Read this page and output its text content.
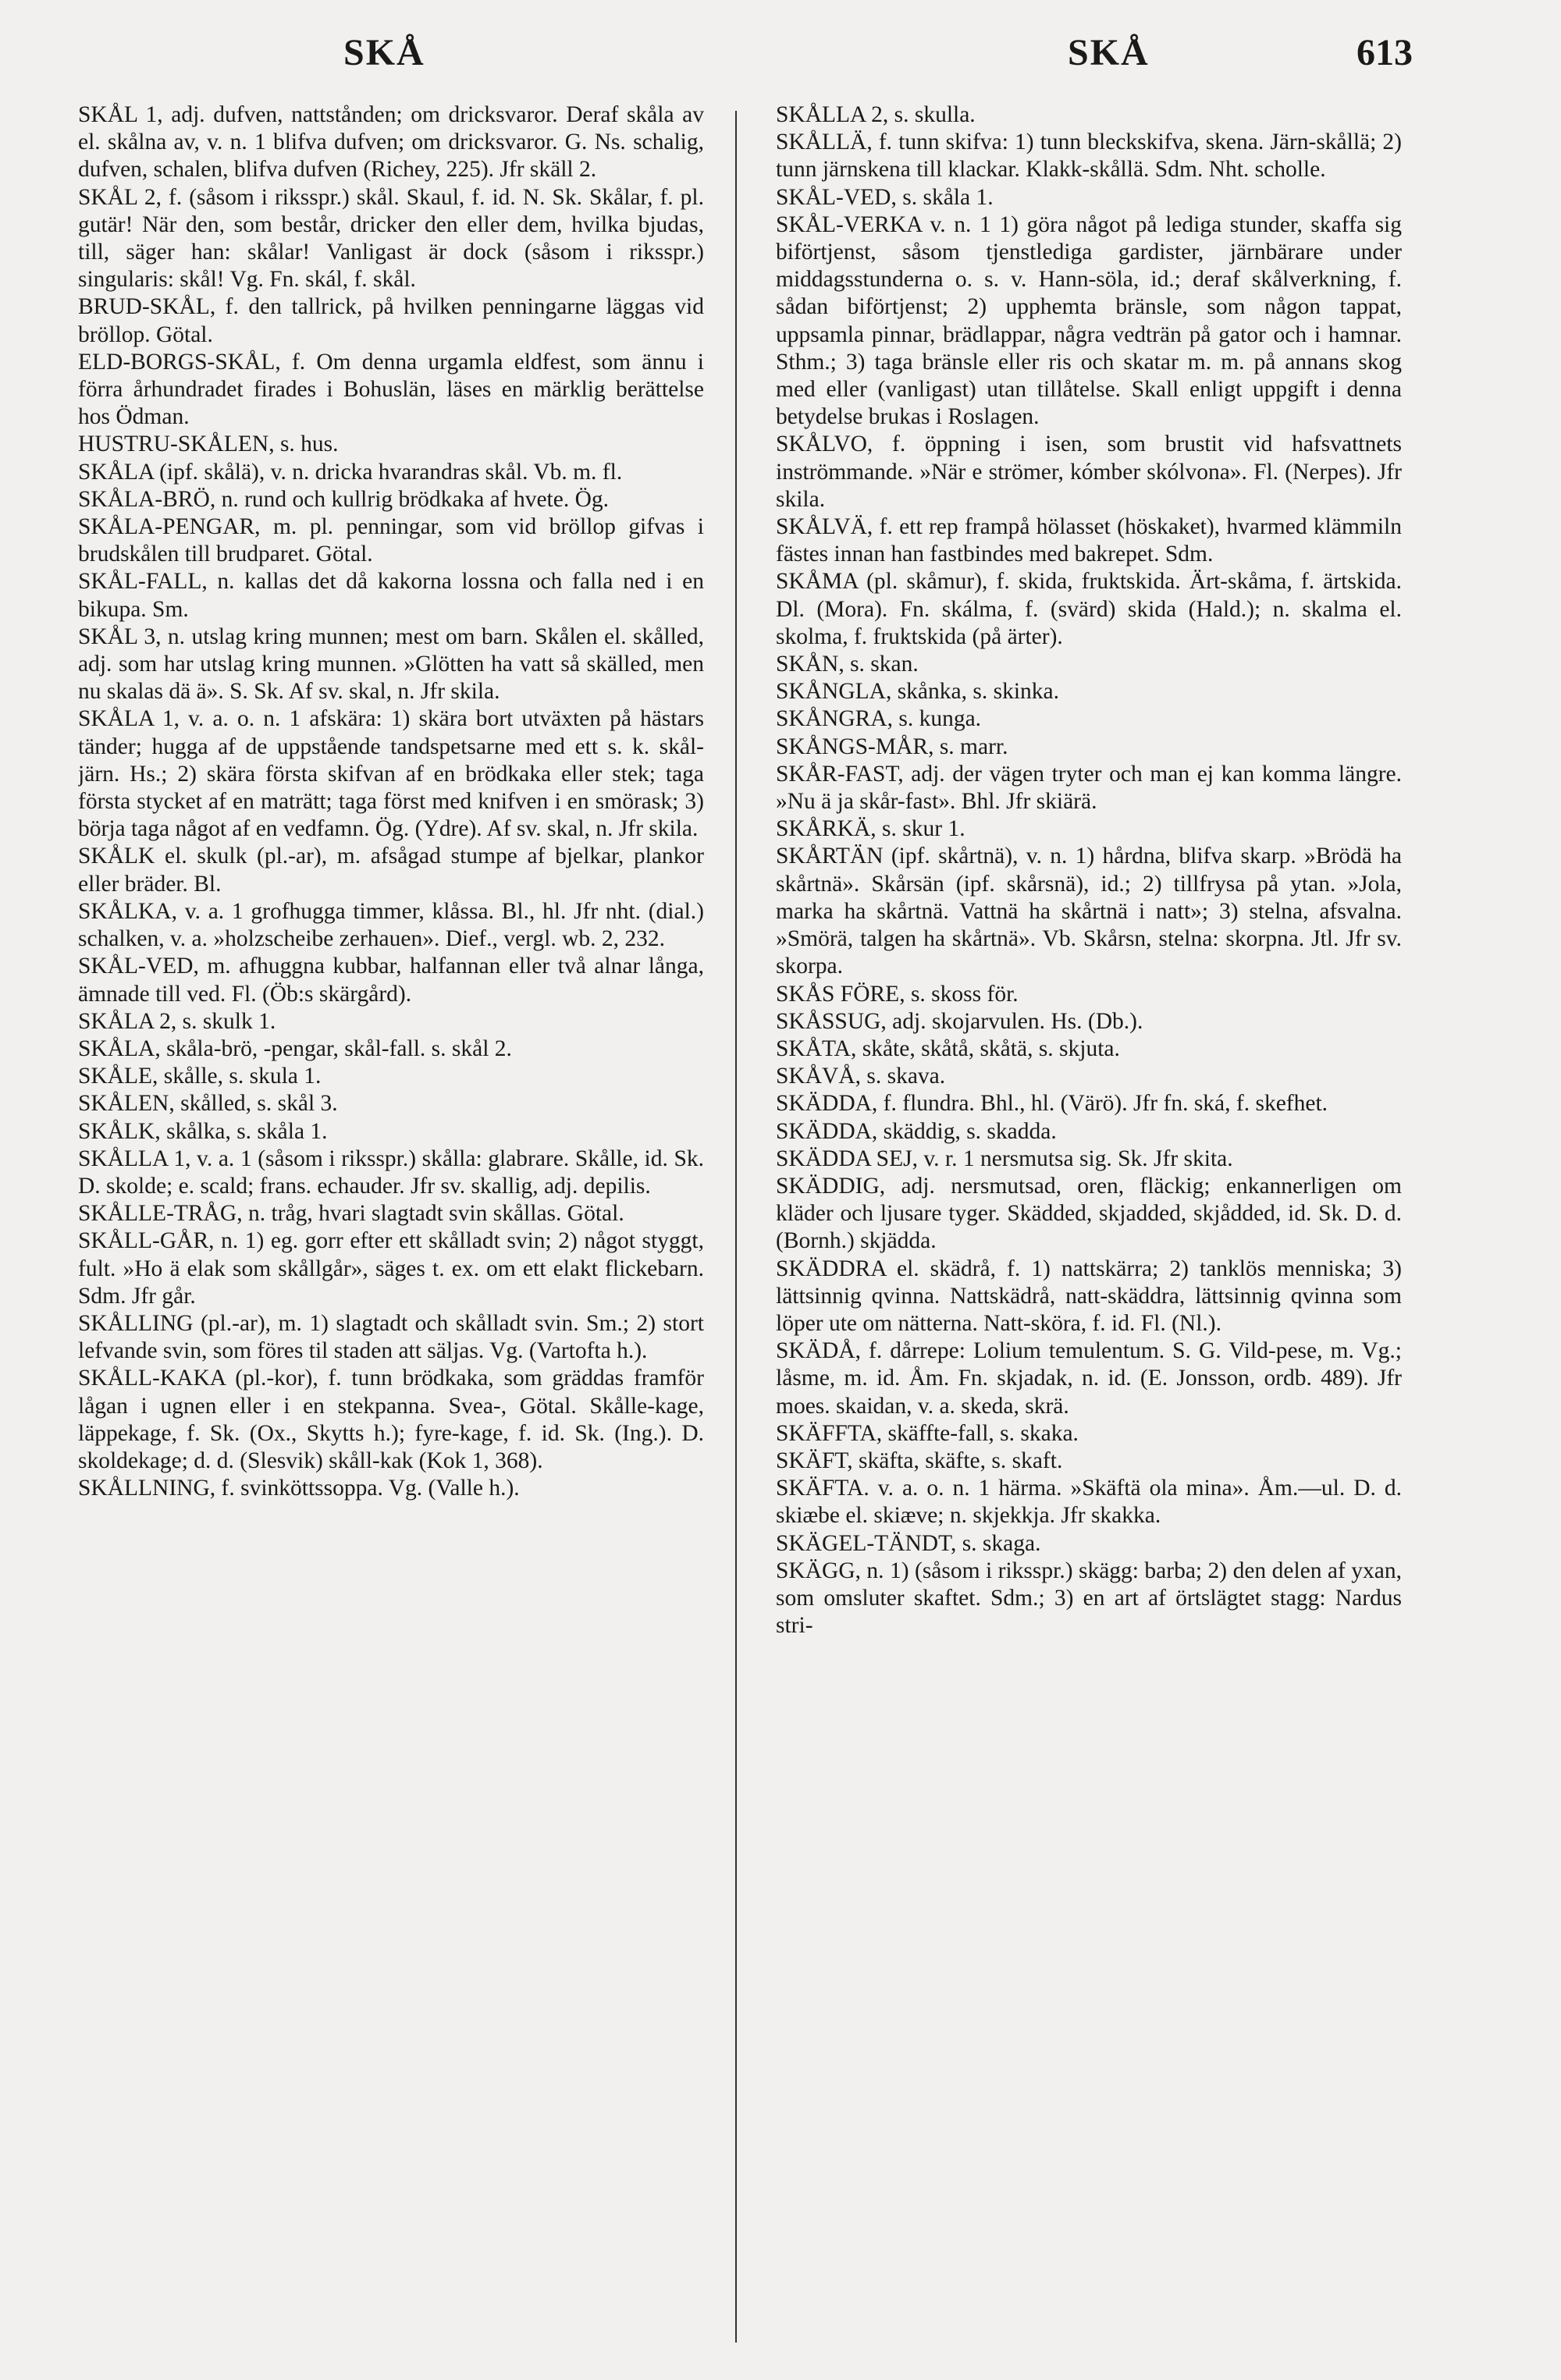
SKÅ	SKÅ	613

SKÅL 1, adj. dufven, nattstånden; om dricksvaror. Deraf skåla av el. skålna av, v. n. 1 blifva dufven; om dricksvaror. G. Ns. schalig, dufven, schalen, blifva dufven (Richey, 225). Jfr skäll 2.

SKÅL 2, f. (såsom i riksspr.) skål. Skaul, f. id. N. Sk. Skålar, f. pl. gutär! När den, som består, dricker den eller dem, hvilka bjudas, till, säger han: skålar! Vanligast är dock (såsom i riksspr.) singularis: skål! Vg. Fn. skál, f. skål.

BRUD-SKÅL, f. den tallrick, på hvilken penningarne läggas vid bröllop. Götal.

ELD-BORGS-SKÅL, f. Om denna urgamla eldfest, som ännu i förra århundradet firades i Bohuslän, läses en märklig berättelse hos Ödman.

HUSTRU-SKÅLEN, s. hus.

SKÅLA (ipf. skålä), v. n. dricka hvarandras skål. Vb. m. fl.

SKÅLA-BRÖ, n. rund och kullrig brödkaka af hvete. Ög.

SKÅLA-PENGAR, m. pl. penningar, som vid bröllop gifvas i brudskålen till brudparet. Götal.

SKÅL-FALL, n. kallas det då kakorna lossna och falla ned i en bikupa. Sm.

SKÅL 3, n. utslag kring munnen; mest om barn. Skålen el. skålled, adj. som har utslag kring munnen. »Glötten ha vatt så skälled, men nu skalas dä ä». S. Sk. Af sv. skal, n. Jfr skila.

SKÅLA 1, v. a. o. n. 1 afskära: 1) skära bort utväxten på hästars tänder; hugga af de uppstående tandspetsarne med ett s. k. skål-järn. Hs.; 2) skära första skifvan af en brödkaka eller stek; taga första stycket af en maträtt; taga först med knifven i en smörask; 3) börja taga något af en vedfamn. Ög. (Ydre). Af sv. skal, n. Jfr skila.

SKÅLK el. skulk (pl.-ar), m. afsågad stumpe af bjelkar, plankor eller bräder. Bl.

SKÅLKA, v. a. 1 grofhugga timmer, klåssa. Bl., hl. Jfr nht. (dial.) schalken, v. a. »holzscheibe zerhauen». Dief., vergl. wb. 2, 232.

SKÅL-VED, m. afhuggna kubbar, halfannan eller två alnar långa, ämnade till ved. Fl. (Öb:s skärgård).

SKÅLA 2, s. skulk 1.

SKÅLA, skåla-brö, -pengar, skål-fall. s. skål 2.

SKÅLE, skålle, s. skula 1.

SKÅLEN, skålled, s. skål 3.

SKÅLK, skålka, s. skåla 1.

SKÅLLA 1, v. a. 1 (såsom i riksspr.) skålla: glabrare. Skålle, id. Sk. D. skolde; e. scald; frans. echauder. Jfr sv. skallig, adj. depilis.

SKÅLLE-TRÅG, n. tråg, hvari slagtadt svin skållas. Götal.

SKÅLL-GÅR, n. 1) eg. gorr efter ett skålladt svin; 2) något styggt, fult. »Ho ä elak som skållgår», säges t. ex. om ett elakt flickebarn. Sdm. Jfr går.

SKÅLLING (pl.-ar), m. 1) slagtadt och skålladt svin. Sm.; 2) stort lefvande svin, som föres til staden att säljas. Vg. (Vartofta h.).

SKÅLL-KAKA (pl.-kor), f. tunn brödkaka, som gräddas framför lågan i ugnen eller i en stekpanna. Svea-, Götal. Skålle-kage, läppekage, f. Sk. (Ox., Skytts h.); fyre-kage, f. id. Sk. (Ing.). D. skoldekage; d. d. (Slesvik) skåll-kak (Kok 1, 368).

SKÅLLNING, f. svinköttssoppa. Vg. (Valle h.).

SKÅLLA 2, s. skulla.

SKÅLLÄ, f. tunn skifva: 1) tunn bleckskifva, skena. Järn-skållä; 2) tunn järnskena till klackar. Klakk-skållä. Sdm. Nht. scholle.

SKÅL-VED, s. skåla 1.

SKÅL-VERKA v. n. 1 1) göra något på lediga stunder, skaffa sig biförtjenst, såsom tjenstlediga gardister, järnbärare under middagsstunderna o. s. v. Hann-söla, id.; deraf skålverkning, f. sådan biförtjenst; 2) upphemta bränsle, som någon tappat, uppsamla pinnar, brädlappar, några vedträn på gator och i hamnar. Sthm.; 3) taga bränsle eller ris och skatar m. m. på annans skog med eller (vanligast) utan tillåtelse. Skall enligt uppgift i denna betydelse brukas i Roslagen.

SKÅLVO, f. öppning i isen, som brustit vid hafsvattnets inströmmande. »När e strömer, kómber skólvona». Fl. (Nerpes). Jfr skila.

SKÅLVÄ, f. ett rep frampå hölasset (höskaket), hvarmed klämmiln fästes innan han fastbindes med bakrepet. Sdm.

SKÅMA (pl. skåmur), f. skida, fruktskida. Ärt-skåma, f. ärtskida. Dl. (Mora). Fn. skálma, f. (svärd) skida (Hald.); n. skalma el. skolma, f. fruktskida (på ärter).

SKÅN, s. skan.

SKÅNGLA, skånka, s. skinka.

SKÅNGRA, s. kunga.

SKÅNGS-MÅR, s. marr.

SKÅR-FAST, adj. der vägen tryter och man ej kan komma längre. »Nu ä ja skår-fast». Bhl. Jfr skiärä.

SKÅRKÄ, s. skur 1.

SKÅRTÄN (ipf. skårtnä), v. n. 1) hårdna, blifva skarp. »Brödä ha skårtnä». Skårsän (ipf. skårsnä), id.; 2) tillfrysa på ytan. »Jola, marka ha skårtnä. Vattnä ha skårtnä i natt»; 3) stelna, afsvalna. »Smörä, talgen ha skårtnä». Vb. Skårsn, stelna: skorpna. Jtl. Jfr sv. skorpa.

SKÅS FÖRE, s. skoss för.

SKÅSSUG, adj. skojarvulen. Hs. (Db.).

SKÅTA, skåte, skåtå, skåtä, s. skjuta.

SKÅVÅ, s. skava.

SKÄDDA, f. flundra. Bhl., hl. (Värö). Jfr fn. ská, f. skefhet.

SKÄDDA, skäddig, s. skadda.

SKÄDDA SEJ, v. r. 1 nersmutsa sig. Sk. Jfr skita.

SKÄDDIG, adj. nersmutsad, oren, fläckig; enkannerligen om kläder och ljusare tyger. Skädded, skjadded, skjådded, id. Sk. D. d. (Bornh.) skjädda.

SKÄDDRA el. skädrå, f. 1) nattskärra; 2) tanklös menniska; 3) lättsinnig qvinna. Nattskädrå, natt-skäddra, lättsinnig qvinna som löper ute om nätterna. Natt-sköra, f. id. Fl. (Nl.).

SKÄDÅ, f. dårrepe: Lolium temulentum. S. G. Vild-pese, m. Vg.; låsme, m. id. Åm. Fn. skjadak, n. id. (E. Jonsson, ordb. 489). Jfr moes. skaidan, v. a. skeda, skrä.

SKÄFFTA, skäffte-fall, s. skaka.

SKÄFT, skäfta, skäfte, s. skaft.

SKÄFTA. v. a. o. n. 1 härma. »Skäftä ola mina». Åm.—ul. D. d. skiæbe el. skiæve; n. skjekkja. Jfr skakka.

SKÄGEL-TÄNDT, s. skaga.

SKÄGG, n. 1) (såsom i riksspr.) skägg: barba; 2) den delen af yxan, som omsluter skaftet. Sdm.; 3) en art af örtslägtet stagg: Nardus stri-
